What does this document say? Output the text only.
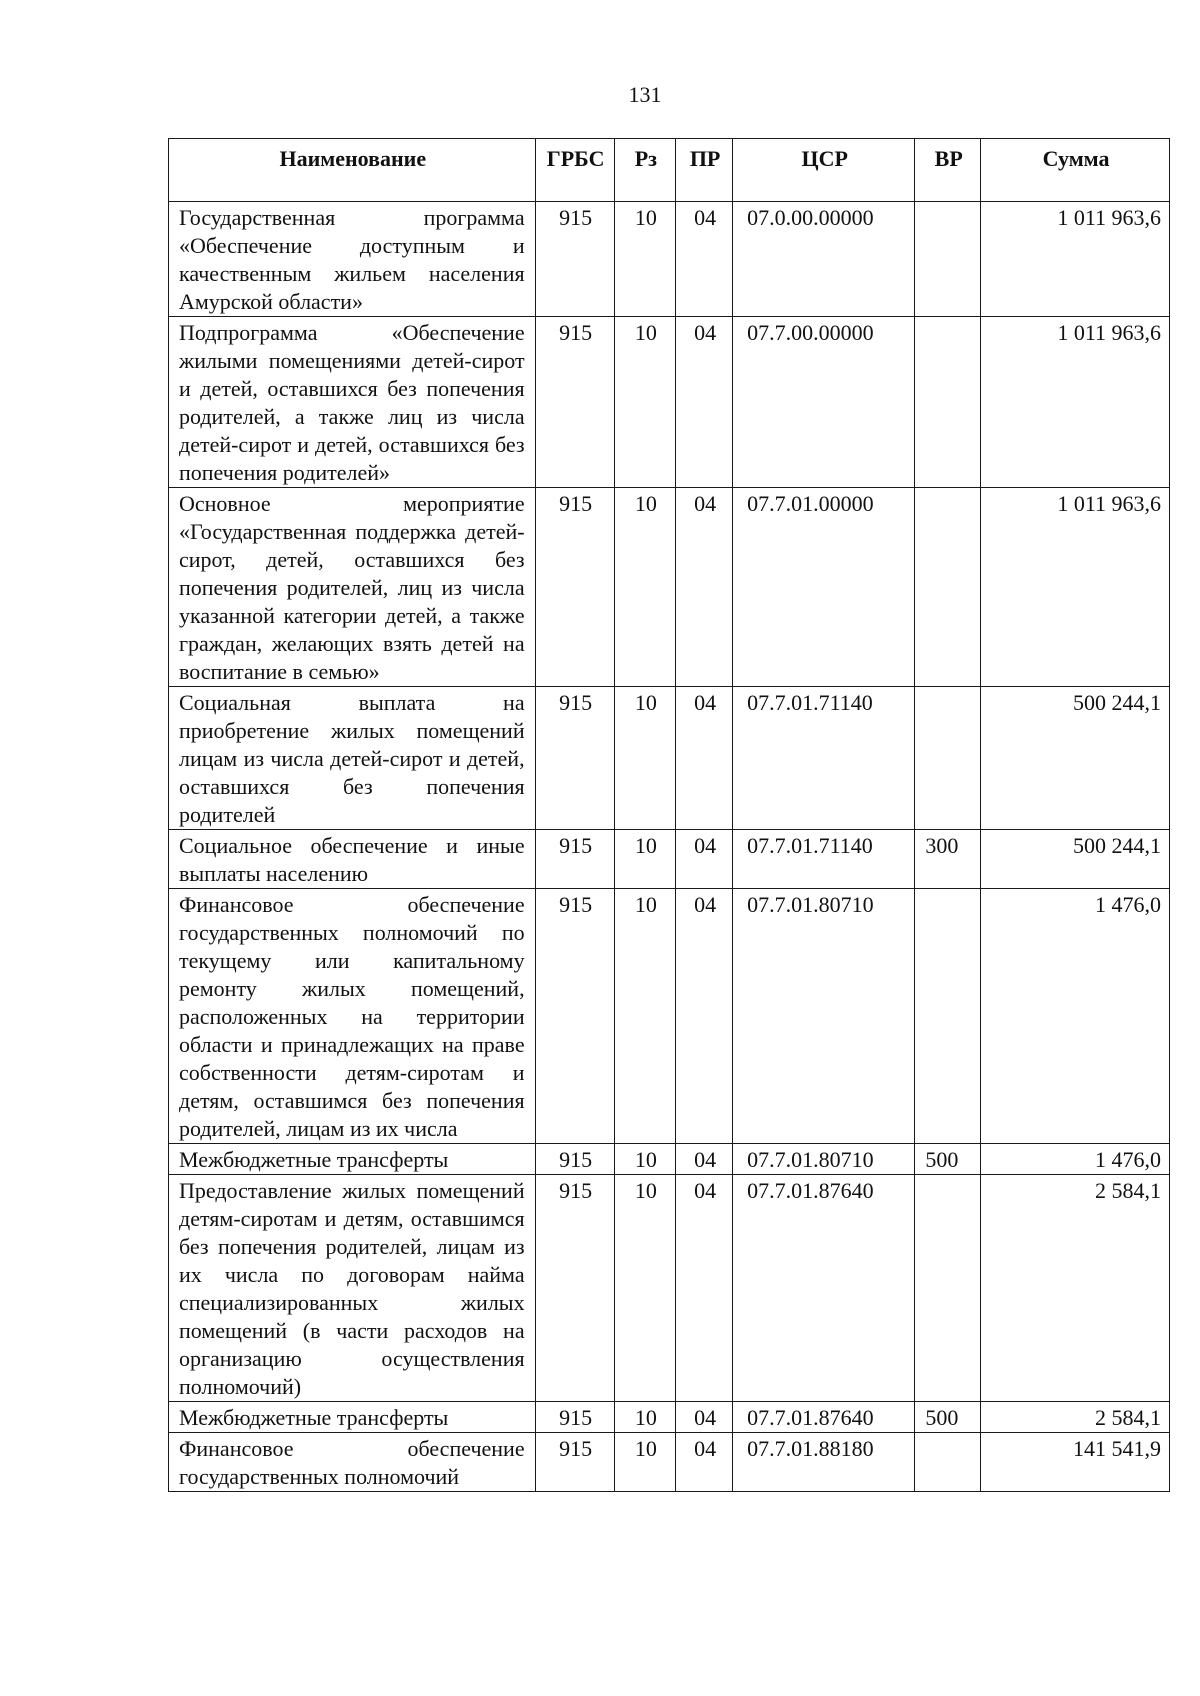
131
Наименование	ГРБС	Рз	ПР	ЦСР	ВР	Сумма
Государственная программа «Обеспечение доступным и качественным жильем населения Амурской области»	915	10	04	07.0.00.00000		1 011 963,6
Подпрограмма «Обеспечение жилыми помещениями детей-сирот и детей, оставшихся без попечения родителей, а также лиц из числа детей-сирот и детей, оставшихся без попечения родителей»	915	10	04	07.7.00.00000		1 011 963,6
Основное мероприятие «Государственная поддержка детей-сирот, детей, оставшихся без попечения родителей, лиц из числа указанной категории детей, а также граждан, желающих взять детей на воспитание в семью»	915	10	04	07.7.01.00000		1 011 963,6
Социальная выплата на приобретение жилых помещений лицам из числа детей-сирот и детей, оставшихся без попечения родителей	915	10	04	07.7.01.71140		500 244,1
Социальное обеспечение и иные выплаты населению	915	10	04	07.7.01.71140	300	500 244,1
Финансовое обеспечение государственных полномочий по текущему или капитальному ремонту жилых помещений, расположенных на территории области и принадлежащих на праве собственности детям-сиротам и детям, оставшимся без попечения родителей, лицам из их числа	915	10	04	07.7.01.80710		1 476,0
Межбюджетные трансферты	915	10	04	07.7.01.80710	500	1 476,0
Предоставление жилых помещений детям-сиротам и детям, оставшимся без попечения родителей, лицам из их числа по договорам найма специализированных жилых помещений (в части расходов на организацию осуществления полномочий)	915	10	04	07.7.01.87640		2 584,1
Межбюджетные трансферты	915	10	04	07.7.01.87640	500	2 584,1
Финансовое обеспечение государственных полномочий	915	10	04	07.7.01.88180		141 541,9
